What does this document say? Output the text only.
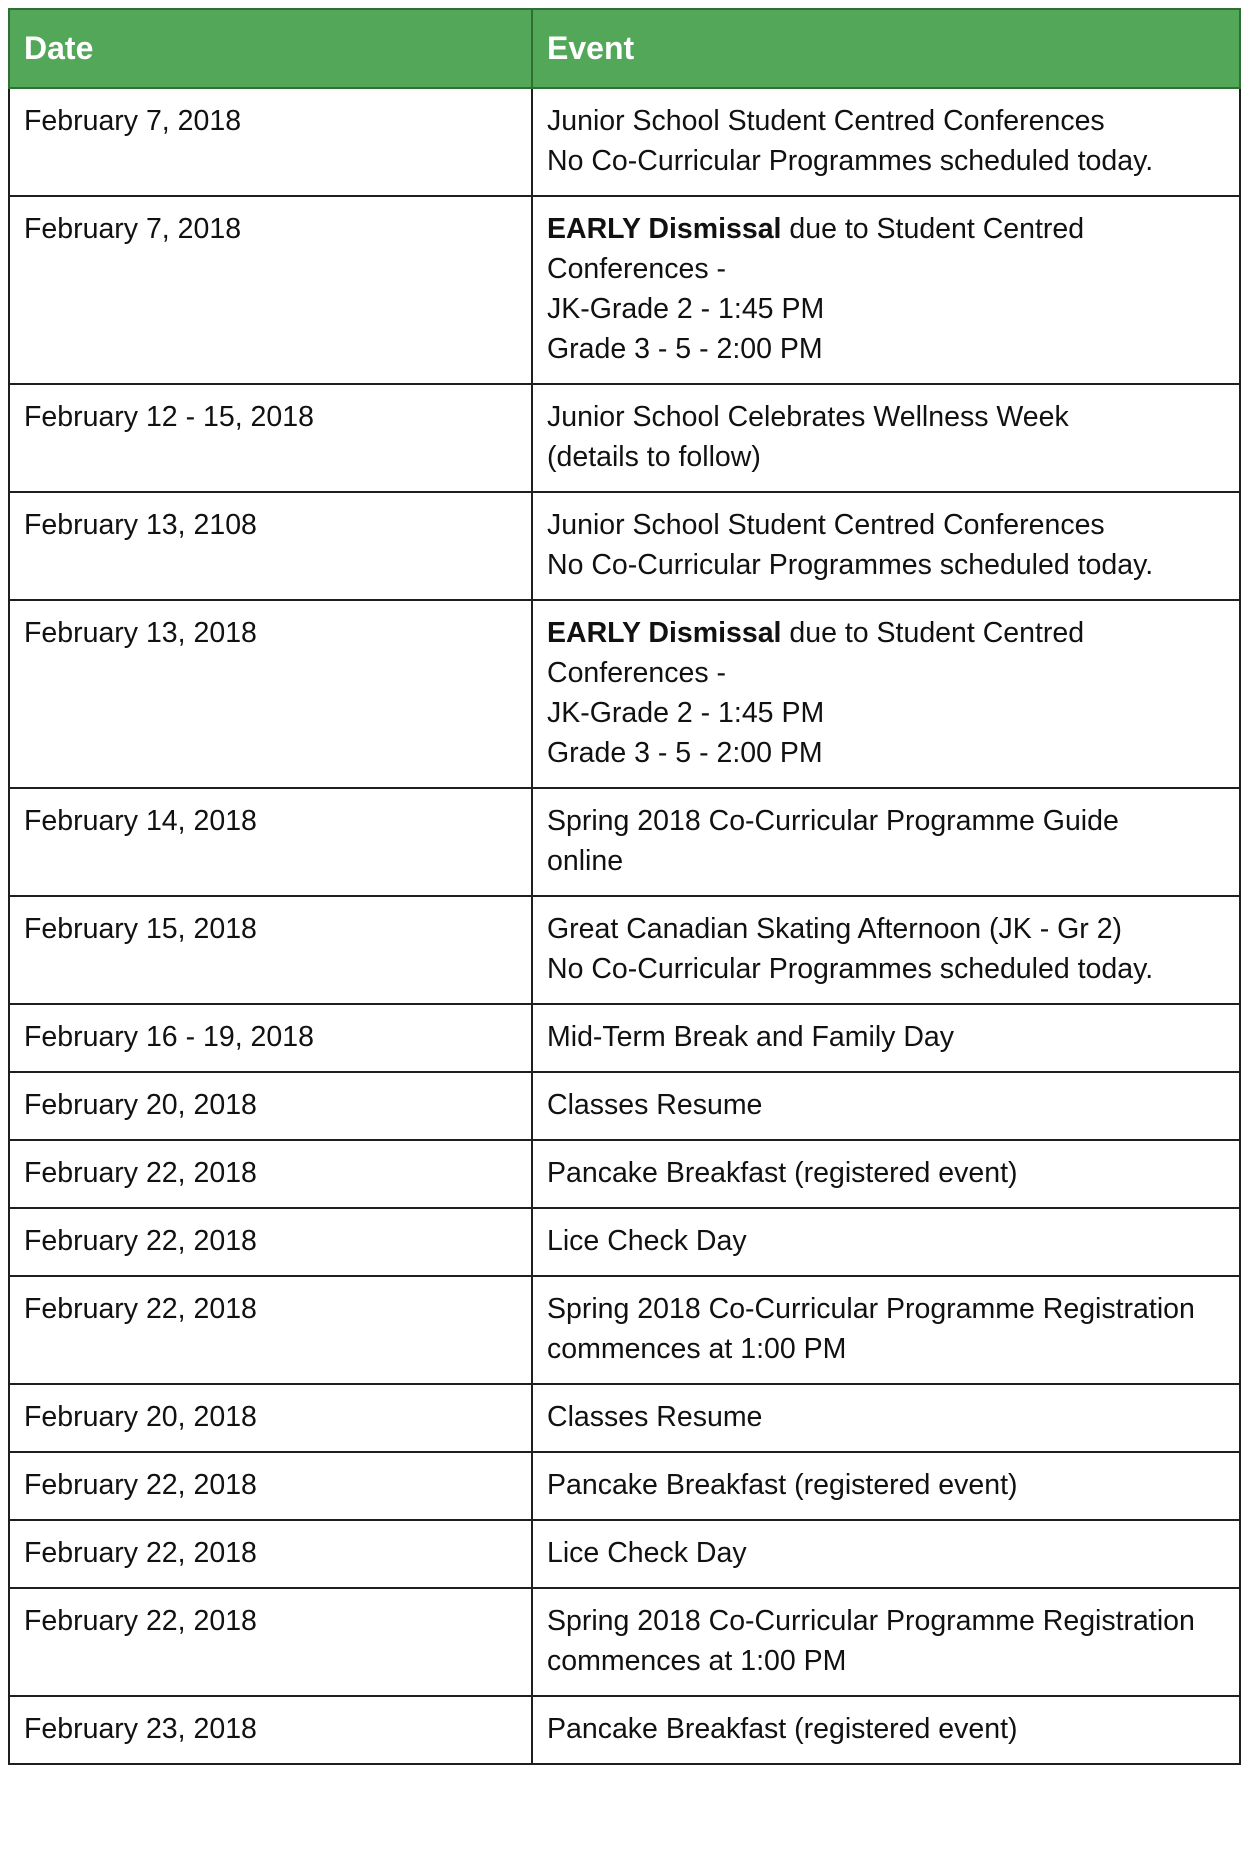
Date	Event
February 7, 2018	Junior School Student Centred Conferences
No Co-Curricular Programmes scheduled today.

February 7, 2018	EARLY Dismissal due to Student Centred
Conferences -
JK-Grade 2 - 1:45 PM
Grade 3 - 5 - 2:00 PM

February 12 - 15, 2018	Junior School Celebrates Wellness Week
(details to follow)

February 13, 2108	Junior School Student Centred Conferences
No Co-Curricular Programmes scheduled today.

February 13, 2018	EARLY Dismissal due to Student Centred
Conferences -
JK-Grade 2 - 1:45 PM
Grade 3 - 5 - 2:00 PM

February 14, 2018	Spring 2018 Co-Curricular Programme Guide
online

February 15, 2018	Great Canadian Skating Afternoon (JK - Gr 2)
No Co-Curricular Programmes scheduled today.

February 16 - 19, 2018	Mid-Term Break and Family Day

February 20, 2018	Classes Resume

February 22, 2018	Pancake Breakfast (registered event)

February 22, 2018	Lice Check Day

February 22, 2018	Spring 2018 Co-Curricular Programme Registration
commences at 1:00 PM

February 20, 2018	Classes Resume

February 22, 2018	Pancake Breakfast (registered event)

February 22, 2018	Lice Check Day

February 22, 2018	Spring 2018 Co-Curricular Programme Registration
commences at 1:00 PM

February 23, 2018	Pancake Breakfast (registered event)
